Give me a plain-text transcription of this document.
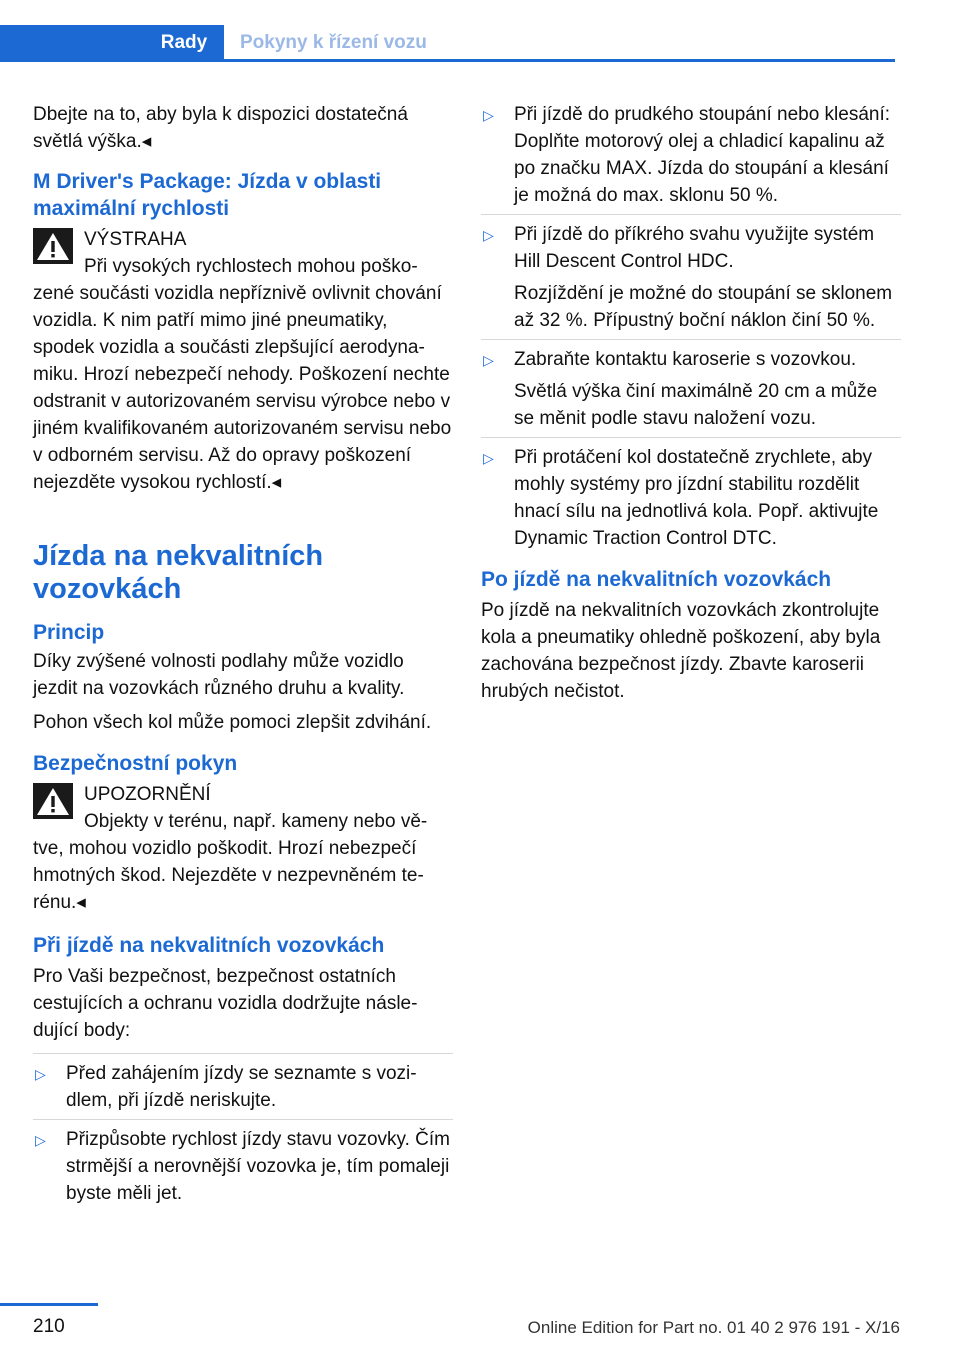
Rady	Pokyny k řízení vozu

Dbejte na to, aby byla k dispozici dostatečná světlá výška.◂

M Driver's Package: Jízda v oblasti maximální rychlosti
VÝSTRAHA
Při vysokých rychlostech mohou poško-
zené součásti vozidla nepříznivě ovlivnit chování vozidla. K nim patří mimo jiné pneumatiky, spodek vozidla a součásti zlepšující aerodynamiku. Hrozí nebezpečí nehody. Poškození nechte odstranit v autorizovaném servisu výrobce nebo v jiném kvalifikovaném autorizovaném servisu nebo v odborném servisu. Až do opravy poškození nejezděte vysokou rychlostí.◂
Jízda na nekvalitních vozovkách
Princip

Díky zvýšené volnosti podlahy může vozidlo jezdit na vozovkách různého druhu a kvality.

Pohon všech kol může pomoci zlepšit zdvihání.

Bezpečnostní pokyn
UPOZORNĚNÍ
Objekty v terénu, např. kameny nebo vě-
tve, mohou vozidlo poškodit. Hrozí nebezpečí hmotných škod. Nejezděte v nezpevněném terénu.◂
Při jízdě na nekvalitních vozovkách

Pro Vaši bezpečnost, bezpečnost ostatních cestujících a ochranu vozidla dodržujte následující body:

▷ Před zahájením jízdy se seznamte s vozidlem, při jízdě neriskujte.
▷ Přizpůsobte rychlost jízdy stavu vozovky. Čím strmější a nerovnější vozovka je, tím pomaleji byste měli jet.
▷ Při jízdě do prudkého stoupání nebo klesání: Doplňte motorový olej a chladicí kapalinu až po značku MAX. Jízda do stoupání a klesání je možná do max. sklonu 50 %.
▷ Při jízdě do příkrého svahu využijte systém Hill Descent Control HDC.
Rozjíždění je možné do stoupání se sklonem až 32 %. Přípustný boční náklon činí 50 %.
▷ Zabraňte kontaktu karoserie s vozovkou.
Světlá výška činí maximálně 20 cm a může se měnit podle stavu naložení vozu.
▷ Při protáčení kol dostatečně zrychlete, aby mohly systémy pro jízdní stabilitu rozdělit hnací sílu na jednotlivá kola. Popř. aktivujte Dynamic Traction Control DTC.
Po jízdě na nekvalitních vozovkách

Po jízdě na nekvalitních vozovkách zkontrolujte kola a pneumatiky ohledně poškození, aby byla zachována bezpečnost jízdy. Zbavte karoserii hrubých nečistot.

210	Online Edition for Part no. 01 40 2 976 191 - X/16
